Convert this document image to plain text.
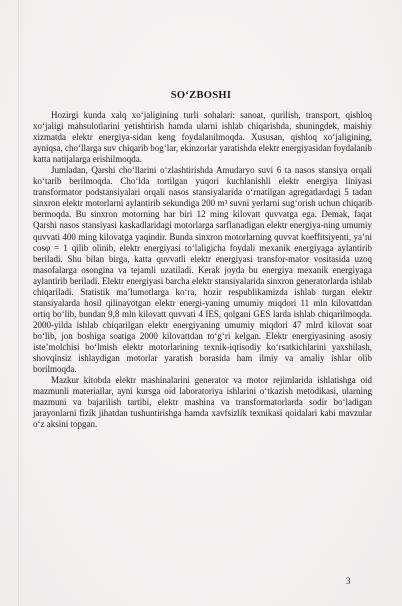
SO‘ZBOSHI

Hozirgi kunda xalq xo‘jaligining turli sohalari: sanoat, qurilish, transport, qishloq xo‘jaligi mahsulotlarini yetishtirish hamda ularni ishlab chiqarishda, shuningdek, maishiy xizmatda elektr energiya-sidan keng foydalanilmoqda. Xususan, qishloq xo‘jaligining, ayniqsa, cho‘llarga suv chiqarib bog‘lar, ekinzorlar yaratishda elektr energiyasidan foydalanib katta natijalarga erishilmoqda.

Jumladan, Qarshi cho‘llarini o‘zlashtirishda Amudaryo suvi 6 ta nasos stansiya orqali ko‘tarib berilmoqda. Cho‘lda tortilgan yuqori kuchlanishli elektr energiya liniyasi transformator podstansiyalari orqali nasos stansiyalarida o‘rnatilgan agregatlardagi 5 tadan sinxron elektr motorlarni aylantirib sekundiga 200 m³ suvni yerlarni sug‘orish uchun chiqarib bermoqda. Bu sinxron motorning har biri 12 ming kilovatt quvvatga ega. Demak, faqat Qarshi nasos stansiyasi kaskadlaridagi motorlarga sarflanadigan elektr energiya-ning umumiy quvvati 400 ming kilovatga yaqindir. Bunda sinxron motorlarning quvvat koeffitsiyenti, ya’ni cosφ = 1 qilib olinib, elektr energiyasi to‘laligicha foydali mexanik energiyaga aylantirib beriladi. Shu bilan birga, katta quvvatli elektr energiyasi transfor-mator vositasida uzoq masofalarga osongina va tejamli uzatiladi. Kerak joyda bu energiya mexanik energiyaga aylantirib beriladi. Elektr energiyasi barcha elektr stansiyalarida sinxron generatorlarda ishlab chiqariladi. Statistik ma’lumotlarga ko‘ra, hozir respublikamizda ishlab turgan elektr stansiyalarda hosil qilinayotgan elektr energi-yaning umumiy miqdori 11 mln kilovattdan ortiq bo‘lib, bundan 9,8 mln kilovatt quvvati 4 IES, qolgani GES larda ishlab chiqarilmoqda. 2000-yilda ishlab chiqarilgan elektr energiyaning umumiy miqdori 47 mlrd kilovat soat bo‘lib, jon boshiga soatiga 2000 kilovattdan to‘g‘ri kelgan. Elektr energiyasining asosiy iste’molchisi bo‘lmish elektr motorlarining texnik-iqtisodiy ko‘rsatkichlarini yaxshilash, shovqinsiz ishlaydigan motorlar yaratish borasida ham ilmiy va amaliy ishlar olib borilmoqda.

Mazkur kitobda elektr mashinalarini generator va motor rejimlarida ishlatishga oid mazmunli materiallar, ayni kursga oid laboratoriya ishlarini o‘tkazish metodikasi, ularning mazmuni va bajarilish tartibi, elektr mashina va transformatorlarda sodir bo‘ladigan jarayonlarni fizik jihatdan tushuntirishga hamda xavfsizlik texnikasi qoidalari kabi mavzular o‘z aksini topgan.

3
